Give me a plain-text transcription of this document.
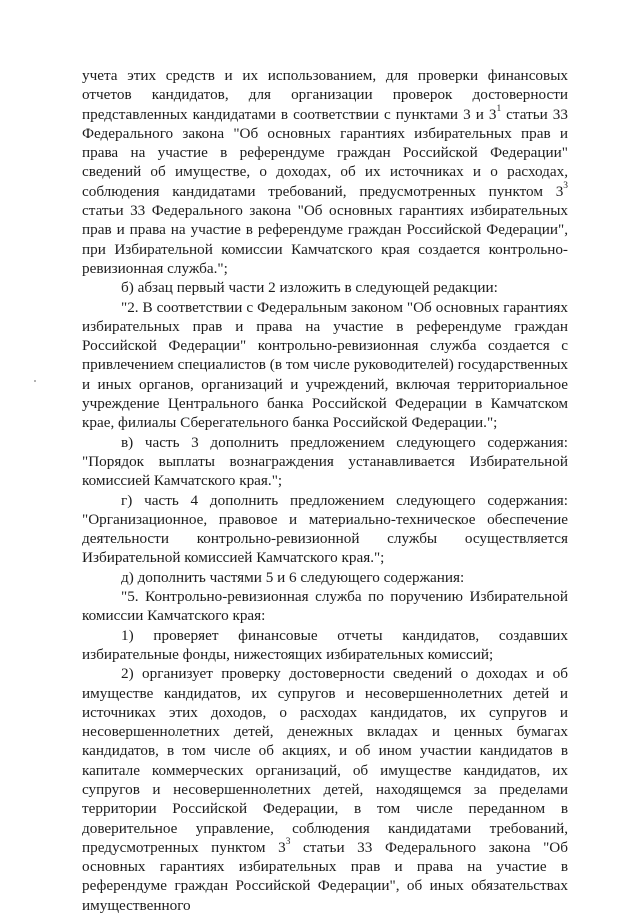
учета этих средств и их использованием, для проверки финансовых отчетов кандидатов, для организации проверок достоверности представленных кандидатами в соответствии с пунктами 3 и $3^1$ статьи 33 Федерального закона "Об основных гарантиях избирательных прав и права на участие в референдуме граждан Российской Федерации" сведений об имуществе, о доходах, об их источниках и о расходах, соблюдения кандидатами требований, предусмотренных пунктом $3^3$ статьи 33 Федерального закона "Об основных гарантиях избирательных прав и права на участие в референдуме граждан Российской Федерации", при Избирательной комиссии Камчатского края создается контрольно-ревизионная служба.";

б) абзац первый части 2 изложить в следующей редакции:

"2. В соответствии с Федеральным законом "Об основных гарантиях избирательных прав и права на участие в референдуме граждан Российской Федерации" контрольно-ревизионная служба создается с привлечением специалистов (в том числе руководителей) государственных и иных органов, организаций и учреждений, включая территориальное учреждение Центрального банка Российской Федерации в Камчатском крае, филиалы Сберегательного банка Российской Федерации.";

в) часть 3 дополнить предложением следующего содержания: "Порядок выплаты вознаграждения устанавливается Избирательной комиссией Камчатского края.";

г) часть 4 дополнить предложением следующего содержания: "Организационное, правовое и материально-техническое обеспечение деятельности контрольно-ревизионной службы осуществляется Избирательной комиссией Камчатского края.";

д) дополнить частями 5 и 6 следующего содержания:

"5. Контрольно-ревизионная служба по поручению Избирательной комиссии Камчатского края:

1) проверяет финансовые отчеты кандидатов, создавших избирательные фонды, нижестоящих избирательных комиссий;

2) организует проверку достоверности сведений о доходах и об имуществе кандидатов, их супругов и несовершеннолетних детей и источниках этих доходов, о расходах кандидатов, их супругов и несовершеннолетних детей, денежных вкладах и ценных бумагах кандидатов, в том числе об акциях, и об ином участии кандидатов в капитале коммерческих организаций, об имуществе кандидатов, их супругов и несовершеннолетних детей, находящемся за пределами территории Российской Федерации, в том числе переданном в доверительное управление, соблюдения кандидатами требований, предусмотренных пунктом $3^3$ статьи 33 Федерального закона "Об основных гарантиях избирательных прав и права на участие в референдуме граждан Российской Федерации", об иных обязательствах имущественного
